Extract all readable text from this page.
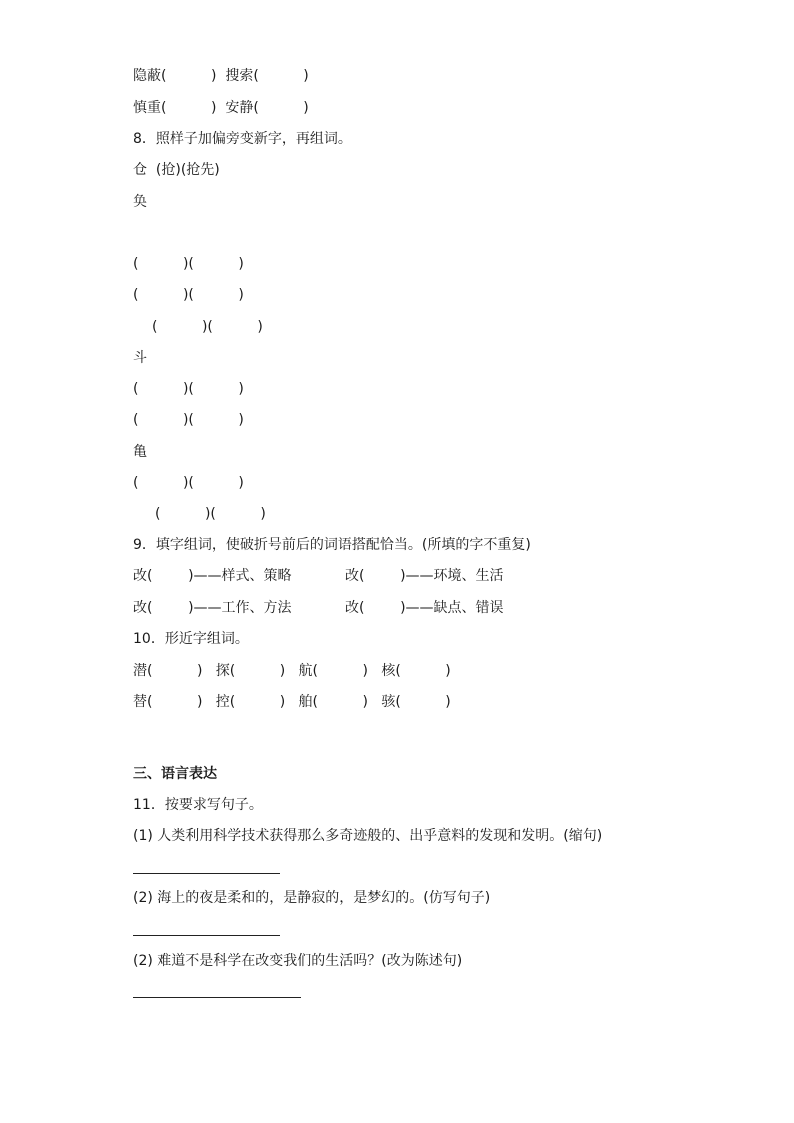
隐蔽(          )  搜索(          )
慎重(          )  安静(          )
8．照样子加偏旁变新字，再组词。
仓  (抢)(抢先)
奂
(          )(          )
(          )(          )
(          )(          )
斗
(          )(          )
(          )(          )
⻲
(          )(          )
(          )(          )
9．填字组词，使破折号前后的词语搭配恰当。(所填的字不重复)
改(        )——样式、策略	改(        )——环境、生活
改(        )——工作、方法	改(        )——缺点、错误
10．形近字组词。
潜(          )   探(          )   航(          )   核(          )
替(          )   控(          )   舶(          )   骇(          )
三、语言表达
11．按要求写句子。
(1) 人类利用科学技术获得那么多奇迹般的、出乎意料的发现和发明。(缩句)
(2) 海上的夜是柔和的，是静寂的，是梦幻的。(仿写句子)
(2) 难道不是科学在改变我们的生活吗？(改为陈述句)
